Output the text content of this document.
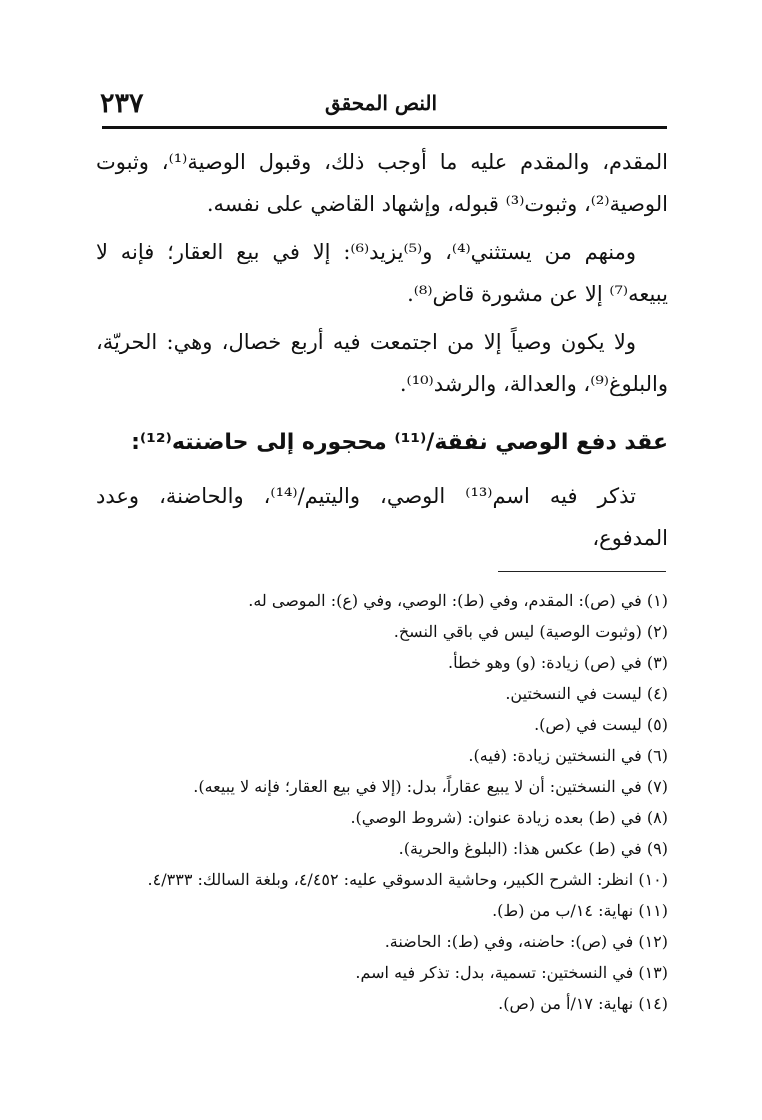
٢٣٧	النص المحقق

المقدم، والمقدم عليه ما أوجب ذلك، وقبول الوصية⁽¹⁾، وثبوت الوصية⁽²⁾، وثبوت⁽³⁾ قبوله، وإشهاد القاضي على نفسه.

ومنهم من يستثني⁽⁴⁾، و⁽⁵⁾يزيد⁽⁶⁾: إلا في بيع العقار؛ فإنه لا يبيعه⁽⁷⁾ إلا عن مشورة قاض⁽⁸⁾.

ولا يكون وصياً إلا من اجتمعت فيه أربع خصال، وهي: الحريّة، والبلوغ⁽⁹⁾، والعدالة، والرشد⁽¹⁰⁾.

عقد دفع الوصي نفقة/⁽¹¹⁾ محجوره إلى حاضنته⁽¹²⁾:

تذكر فيه اسم⁽¹³⁾ الوصي، واليتيم/⁽¹⁴⁾، والحاضنة، وعدد المدفوع،

(١) في (ص): المقدم، وفي (ط): الوصي، وفي (ع): الموصى له.
(٢) (وثبوت الوصية) ليس في باقي النسخ.
(٣) في (ص) زيادة: (و) وهو خطأ.
(٤) ليست في النسختين.
(٥) ليست في (ص).
(٦) في النسختين زيادة: (فيه).
(٧) في النسختين: أن لا يبيع عقاراً، بدل: (إلا في بيع العقار؛ فإنه لا يبيعه).
(٨) في (ط) بعده زيادة عنوان: (شروط الوصي).
(٩) في (ط) عكس هذا: (البلوغ والحرية).
(١٠) انظر: الشرح الكبير، وحاشية الدسوقي عليه: ٤/٤٥٢، وبلغة السالك: ٤/٣٣٣.
(١١) نهاية: ١٤/ب من (ط).
(١٢) في (ص): حاضنه، وفي (ط): الحاضنة.
(١٣) في النسختين: تسمية، بدل: تذكر فيه اسم.
(١٤) نهاية: ١٧/أ من (ص).
